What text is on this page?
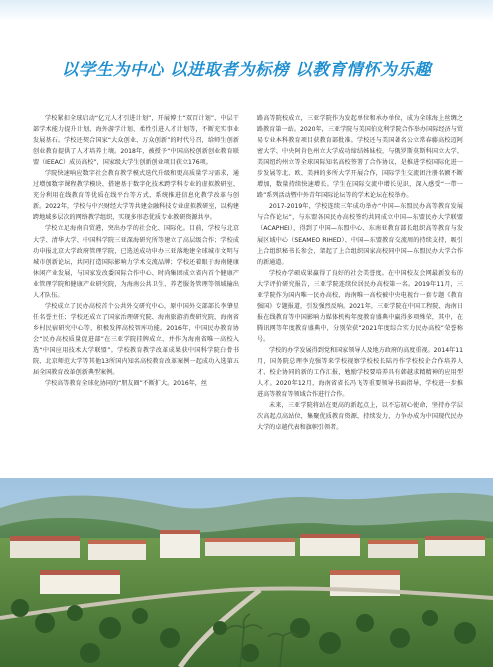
以学生为中心 以进取者为标榜 以教育情怀为乐趣

学校紧扣全球启动“亿元人才引进计划”，开展博士“双百计划”、中层干部学术能力提升计划、海外游学计划、柔性引进人才计划等，不断充实事业发展基石。学校还契合国家“大众创业、万众创新”的时代号召，给师生创新创业教育提供了人才培养土壤。2018年，被授予“中国高校创新创业教育联盟（IEEAC）成员高校”，国家级大学生创新创业项目获立176项。

学院快速响应数字社会教育教学模式迭代升级和更高质量学习需求，通过增加数字课程教学模块、搭建基于数字化技术跨学科专业的虚拟教研室、充分利用在线教育等优质在线平台等方式，系统推进信息化教学改革与创新。2022年，学校与中兴财经大学等共建金融科技专业虚拟教研室，以构建跨地域多层次的网络教学组织，实现多形态优质专业教研资源共享。

学校立足海南自贸港，突出办学的社会化、国际化。目前，学校与北京大学、清华大学、中国科学院三亚深海研究所等建立了高层级合作；学校成功申报北京大学政府管理学院，已选送成功申办三亚落地建全球城市文明与城市创新论坛，共同打造国际影响力学术交流品牌；学校还着眼于海南健康休闲产业发展，与国家发改委国际合作中心、时尚集团成立省内首个健康产业管理学院和健康产业研究院，为海南公共卫生、养老服务管理等领域输出人才队伍。

学校成立了民办高校首个公共外交研究中心，原中国外交部部长李肇星任名誉主任；学校还成立了国家治理研究院、海南旅游消费研究院、海南省乡村民宿研究中心等，积极发挥高校智库功能。2016年，中国民办教育协会“民办高校质量促进部”在三亚学院挂牌成立，并作为海南省唯一高校入选“中国应用技术大学联盟”。学校教育教学改革成果获中国科学院白骨书院、北京师范大学等其他13所国内知名高校教育改革案例一起成功入选第五届全国教育改革创新典型案例。

学校高等教育全球化协同的“朋友圈”不断扩大。2016年，丝

路高等院校成立，三亚学院作为发起单位和承办单位，成为全球海上丝绸之路教育第一站。2020年，三亚学院与美国伯克利学院合作举办国际经济与贸易专业本科教育项目获教育部批准。学校还与美国著名公立常春藤高校迈阿密大学、中央阿肯色州立大学成功缔结姊妹校，与俄罗斯莫斯科国立大学、美国纽约州立等全球国际知名高校签署了合作协议，是推进学校国际化进一步发展等北、欧、美洲的多所大学开展合作，国际学生交流团注册名额不断增加，数量持续快速增长。学生在国际交流中增长见识，深入感受“一带一路”系列活动暨中外青年国际论坛等的学术论坛在校举办。

2017-2019年，学校连续三年成功举办“中国—东盟民办高等教育发展与合作论坛”，与东盟各国民办高校签约共同成立中国—东盟民办大学联盟（ACAPHEI），得到了中国—东盟中心、东南亚教育部长组织高等教育与发展区域中心（SEAMEO RIHED）、中国—东盟教育交流周的持续支持，吸引上合组织秘书长参会，架起了上合组织国家高校同中国—东盟民办大学合作的新通道。

学校办学硕成果赢得了良好的社会美誉度。在中国校友会网最新发布的大学评价研究报告，三亚学院连续位居民办高校第一名。2019年11月，三亚学院作为国内唯一民办高校、海南唯一高校被中央电视台一套专题《教育强国》专题报道，引发强烈反响。2021年，三亚学院在中国工程院、海南日报在线教育等中国影响力媒体机构年度教育盛典中赢得多项殊荣，其中，在腾讯网等年度教育盛典中，分别荣获“2021年度综合实力民办高校”荣誉称号。

学校的办学发展得到党和国家领导人及地方政府的高度重视。2014年11月，国务院总理李克强等来学校视察学校校长陆丹作学校校企合作培养人才、校企协同的新的工作汇报，勉励学校要培养具有韩越求精精神的应用型人才。2020年12月，海南省省长冯飞等重要领导书面指导，学校进一步推进高等教育等领域合作进行合作。

未来，三亚学院将站在更高的新起点上，以不忘初心使命，坚持办学层次高起点高站位，集聚优质教育资源，持续发力，力争办成为中国现代民办大学的卓越代表和旗帜引领者。
